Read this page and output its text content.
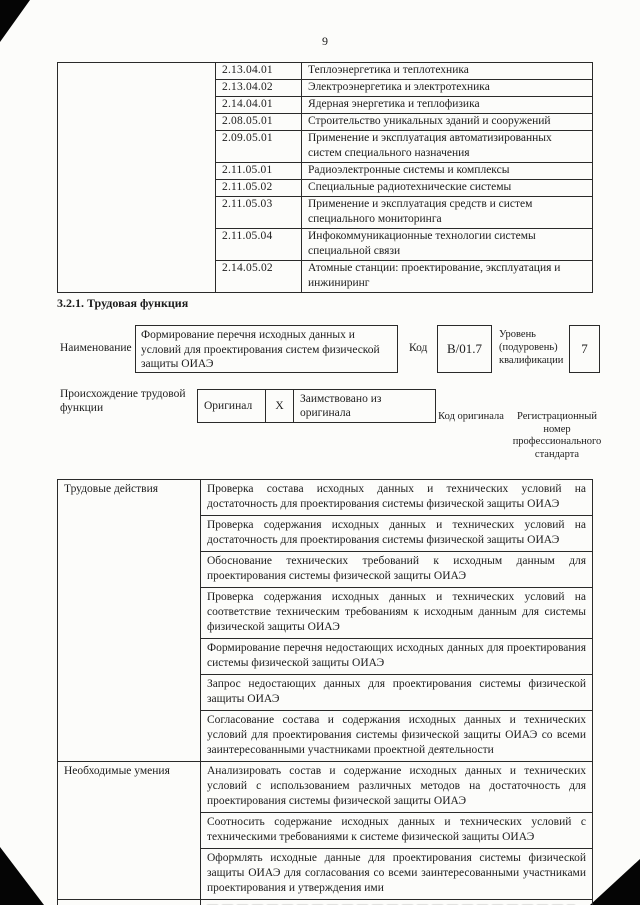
9
	2.13.04.01	Теплоэнергетика и теплотехника
	2.13.04.02	Электроэнергетика и электротехника
	2.14.04.01	Ядерная энергетика и теплофизика
	2.08.05.01	Строительство уникальных зданий и сооружений
	2.09.05.01	Применение и эксплуатация автоматизированных систем специального назначения
	2.11.05.01	Радиоэлектронные системы и комплексы
	2.11.05.02	Специальные радиотехнические системы
	2.11.05.03	Применение и эксплуатация средств и систем специального мониторинга
	2.11.05.04	Инфокоммуникационные технологии системы специальной связи
	2.14.05.02	Атомные станции: проектирование, эксплуатация и инжиниринг
3.2.1. Трудовая функция
Наименование
Формирование перечня исходных данных и условий для проектирования систем физической защиты ОИАЭ
Код	В/01.7
Уровень (подуровень) квалификации
7
Происхождение трудовой функции	Оригинал	X	Заимствовано из оригинала	Код оригинала	Регистрационный номер профессионального стандарта
Трудовые действия	Проверка состава исходных данных и технических условий на достаточность для проектирования системы физической защиты ОИАЭ
	Проверка содержания исходных данных и технических условий на достаточность для проектирования системы физической защиты ОИАЭ
	Обоснование технических требований к исходным данным для проектирования системы физической защиты ОИАЭ
	Проверка содержания исходных данных и технических условий на соответствие техническим требованиям к исходным данным для системы физической защиты ОИАЭ
	Формирование перечня недостающих исходных данных для проектирования системы физической защиты ОИАЭ
	Запрос недостающих данных для проектирования системы физической защиты ОИАЭ
	Согласование состава и содержания исходных данных и технических условий для проектирования системы физической защиты ОИАЭ со всеми заинтересованными участниками проектной деятельности
Необходимые умения	Анализировать состав и содержание исходных данных и технических условий с использованием различных методов на достаточность для проектирования системы физической защиты ОИАЭ
	Соотносить содержание исходных данных и технических условий с техническими требованиями к системе физической защиты ОИАЭ
	Оформлять исходные данные для проектирования системы физической защиты ОИАЭ для согласования со всеми заинтересованными участниками проектирования и утверждения ими
